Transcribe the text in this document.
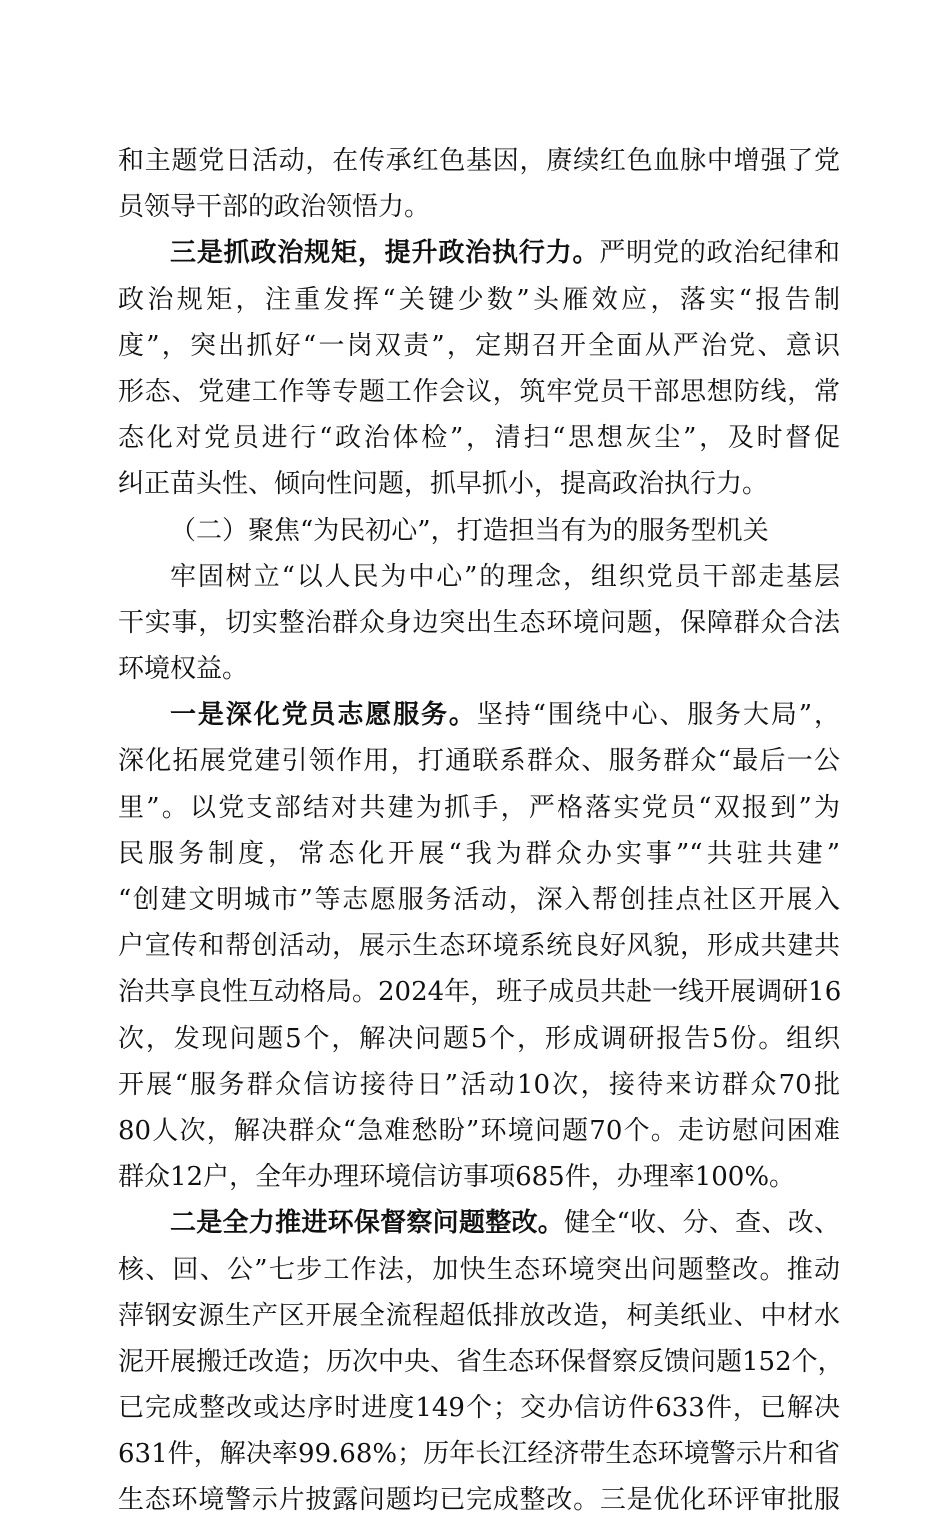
和主题党日活动，在传承红色基因，赓续红色血脉中增强了党
员领导干部的政治领悟力。
三是抓政治规矩，提升政治执行力。严明党的政治纪律和
政治规矩，注重发挥“关键少数”头雁效应，落实“报告制
度”，突出抓好“一岗双责”，定期召开全面从严治党、意识
形态、党建工作等专题工作会议，筑牢党员干部思想防线，常
态化对党员进行“政治体检”，清扫“思想灰尘”，及时督促
纠正苗头性、倾向性问题，抓早抓小，提高政治执行力。
（二）聚焦“为民初心”，打造担当有为的服务型机关
牢固树立“以人民为中心”的理念，组织党员干部走基层
干实事，切实整治群众身边突出生态环境问题，保障群众合法
环境权益。
一是深化党员志愿服务。坚持“围绕中心、服务大局”，
深化拓展党建引领作用，打通联系群众、服务群众“最后一公
里”。以党支部结对共建为抓手，严格落实党员“双报到”为
民服务制度，常态化开展“我为群众办实事”“共驻共建”
“创建文明城市”等志愿服务活动，深入帮创挂点社区开展入
户宣传和帮创活动，展示生态环境系统良好风貌，形成共建共
治共享良性互动格局。2024年，班子成员共赴一线开展调研16
次，发现问题5个，解决问题5个，形成调研报告5份。组织
开展“服务群众信访接待日”活动10次，接待来访群众70批
80人次，解决群众“急难愁盼”环境问题70个。走访慰问困难
群众12户，全年办理环境信访事项685件，办理率100%。
二是全力推进环保督察问题整改。健全“收、分、查、改、
核、回、公”七步工作法，加快生态环境突出问题整改。推动
萍钢安源生产区开展全流程超低排放改造，柯美纸业、中材水
泥开展搬迁改造；历次中央、省生态环保督察反馈问题152个，
已完成整改或达序时进度149个；交办信访件633件，已解决
631件，解决率99.68%；历年长江经济带生态环境警示片和省
生态环境警示片披露问题均已完成整改。三是优化环评审批服
